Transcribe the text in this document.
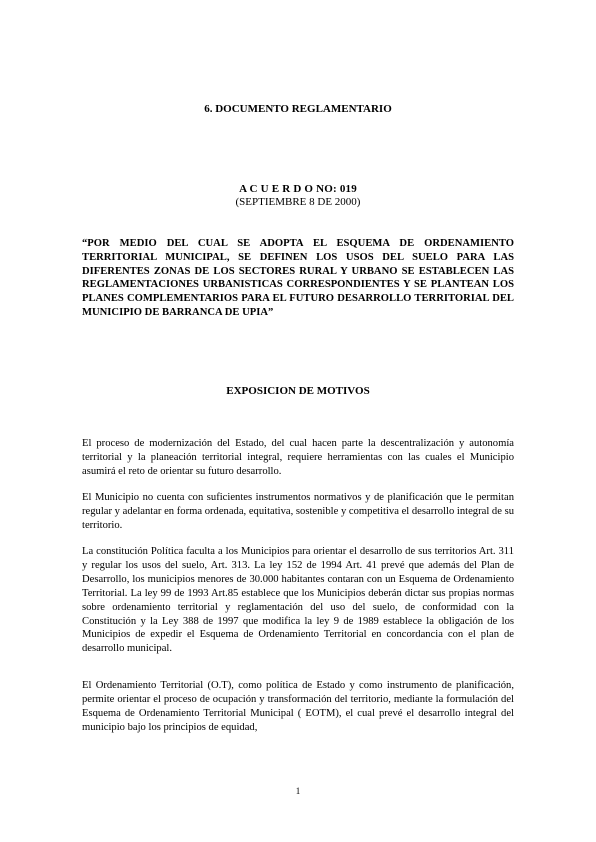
6. DOCUMENTO REGLAMENTARIO

A C U E R D O NO: 019

(SEPTIEMBRE 8 DE 2000)

“POR MEDIO DEL CUAL SE ADOPTA EL ESQUEMA DE ORDENAMIENTO TERRITORIAL MUNICIPAL, SE DEFINEN LOS USOS DEL SUELO PARA LAS DIFERENTES ZONAS DE LOS SECTORES RURAL Y URBANO SE ESTABLECEN LAS REGLAMENTACIONES URBANISTICAS CORRESPONDIENTES Y SE PLANTEAN LOS PLANES COMPLEMENTARIOS PARA EL FUTURO DESARROLLO TERRITORIAL DEL MUNICIPIO DE BARRANCA DE UPIA”

EXPOSICION DE MOTIVOS

El proceso de modernización del Estado, del cual hacen parte la descentralización y autonomía territorial y la planeación territorial integral, requiere herramientas con las cuales el Municipio asumirá el reto de orientar su futuro desarrollo.

El Municipio no cuenta con suficientes instrumentos normativos y de planificación que le permitan regular y adelantar en forma ordenada, equitativa, sostenible y competitiva el desarrollo integral de su territorio.

La constitución Política faculta a los Municipios para orientar el desarrollo de sus territorios Art. 311 y regular los usos del suelo, Art. 313. La ley 152 de 1994 Art. 41 prevé que además del Plan de Desarrollo, los municipios menores de 30.000 habitantes contaran con un Esquema de Ordenamiento Territorial. La ley 99 de 1993 Art.85 establece que los Municipios deberán dictar sus propias normas sobre ordenamiento territorial y reglamentación del uso del suelo, de conformidad con la Constitución y la Ley 388 de 1997 que modifica la ley 9 de 1989 establece la obligación de los Municipios de expedir el Esquema de Ordenamiento Territorial en concordancia con el plan de desarrollo municipal.

El Ordenamiento Territorial (O.T), como política de Estado y como instrumento de planificación, permite orientar el proceso de ocupación y transformación del territorio, mediante la formulación del Esquema de Ordenamiento Territorial Municipal ( EOTM), el cual prevé el desarrollo integral del municipio bajo los principios de equidad,

1
